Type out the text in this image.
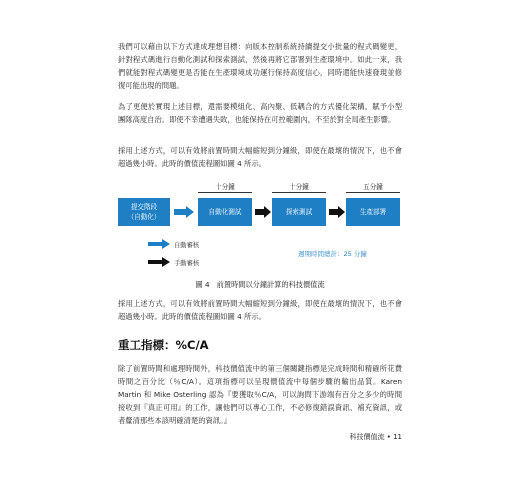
我們可以藉由以下方式達成理想目標：向版本控制系統持續提交小批量的程式碼變更，針對程式碼進行自動化測試和探索測試，然後再將它部署到生產環境中。如此一來，我們就能對程式碼變更是否能在生產環境成功運行保持高度信心，同時還能快速發現並修復可能出現的問題。

為了更便於實現上述目標，還需要模組化、高內聚、低耦合的方式優化架構，賦予小型團隊高度自治。即使不幸遭遇失敗，也能保持在可控範圍內，不至於對全局產生影響。

採用上述方式，可以有效將前置時間大幅縮短到分鐘級，即使在最壞的情況下，也不會超過幾小時。此時的價值流程圖如圖 4 所示。

十分鐘	十分鐘	五分鐘
提交階段
（自動化）
自動化測試	探索測試	生產部署
自動審核
手動審核
週期時間總計：25 分鐘
圖 4　前置時間以分鐘計算的科技價值流

採用上述方式，可以有效將前置時間大幅縮短到分鐘級，即使在最壞的情況下，也不會超過幾小時。此時的價值流程圖如圖 4 所示。

重工指標：%C/A

除了前置時間和處理時間外，科技價值流中的第三個關鍵指標是完成時間和精確所花費時間之百分比（％C/A）。這項指標可以呈現價值流中每個步驟的輸出品質。Karen Martin 和 Mike Osterling 認為『要獲取％C/A，可以詢問下游端有百分之多少的時間接收到『真正可用』的工作，讓他們可以專心工作，不必修復錯誤資訊、補充資訊，或者釐清那些本該明確清楚的資訊。』

科技價值流 • 11
